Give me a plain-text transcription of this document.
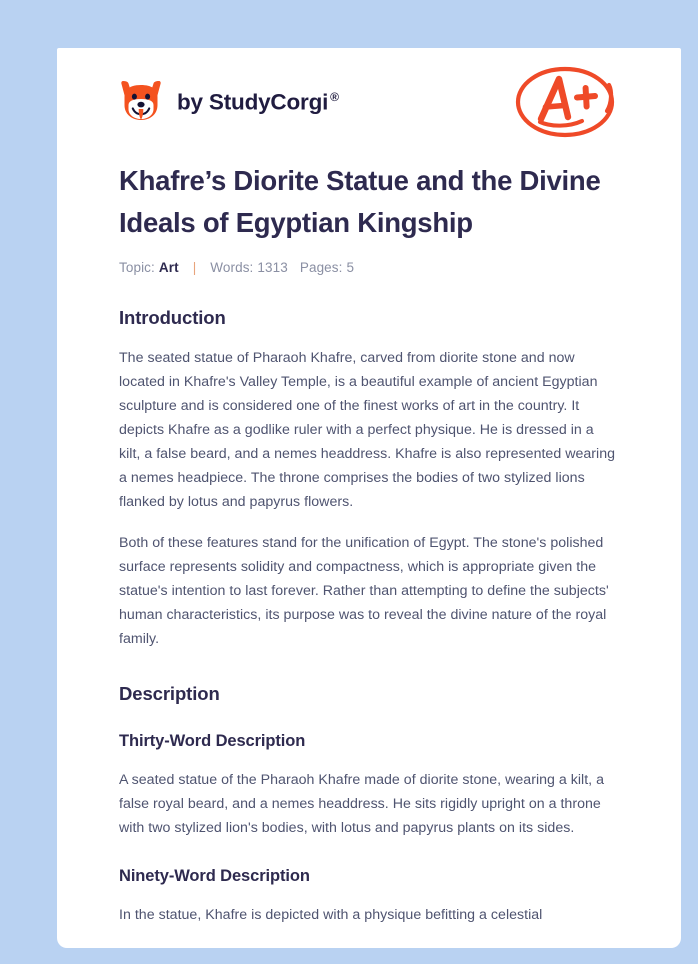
by StudyCorgi ®
Khafre’s Diorite Statue and the Divine Ideals of Egyptian Kingship
Topic: Art | Words: 1313 Pages: 5
Introduction

The seated statue of Pharaoh Khafre, carved from diorite stone and now located in Khafre's Valley Temple, is a beautiful example of ancient Egyptian sculpture and is considered one of the finest works of art in the country. It depicts Khafre as a godlike ruler with a perfect physique. He is dressed in a kilt, a false beard, and a nemes headdress. Khafre is also represented wearing a nemes headpiece. The throne comprises the bodies of two stylized lions flanked by lotus and papyrus flowers.

Both of these features stand for the unification of Egypt. The stone's polished surface represents solidity and compactness, which is appropriate given the statue's intention to last forever. Rather than attempting to define the subjects' human characteristics, its purpose was to reveal the divine nature of the royal family.

Description
Thirty-Word Description

A seated statue of the Pharaoh Khafre made of diorite stone, wearing a kilt, a false royal beard, and a nemes headdress. He sits rigidly upright on a throne with two stylized lion's bodies, with lotus and papyrus plants on its sides.

Ninety-Word Description

In the statue, Khafre is depicted with a physique befitting a celestial
